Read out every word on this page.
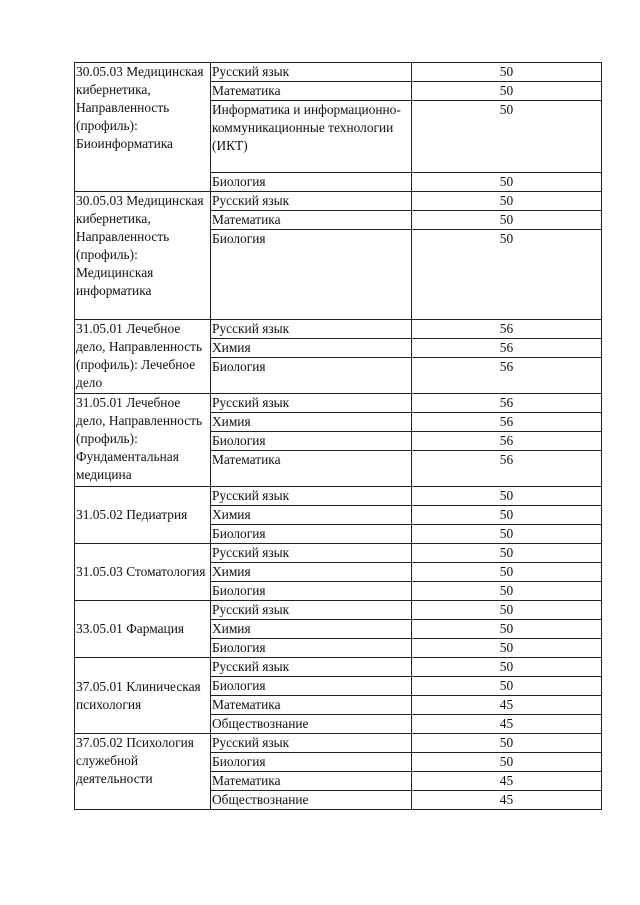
30.05.03 Медицинская кибернетика, Направленность (профиль): Биоинформатика	Русский язык	50
	Математика	50
	Информатика и информационно-коммуникационные технологии (ИКТ)	50
	Биология	50
30.05.03 Медицинская кибернетика, Направленность (профиль): Медицинская информатика	Русский язык	50
	Математика	50
	Биология	50
31.05.01 Лечебное дело, Направленность (профиль): Лечебное дело	Русский язык	56
	Химия	56
	Биология	56
31.05.01 Лечебное дело, Направленность (профиль): Фундаментальная медицина	Русский язык	56
	Химия	56
	Биология	56
	Математика	56
31.05.02 Педиатрия	Русский язык	50
	Химия	50
	Биология	50
31.05.03 Стоматология	Русский язык	50
	Химия	50
	Биология	50
33.05.01 Фармация	Русский язык	50
	Химия	50
	Биология	50
37.05.01 Клиническая психология	Русский язык	50
	Биология	50
	Математика	45
	Обществознание	45
37.05.02 Психология служебной деятельности	Русский язык	50
	Биология	50
	Математика	45
	Обществознание	45
